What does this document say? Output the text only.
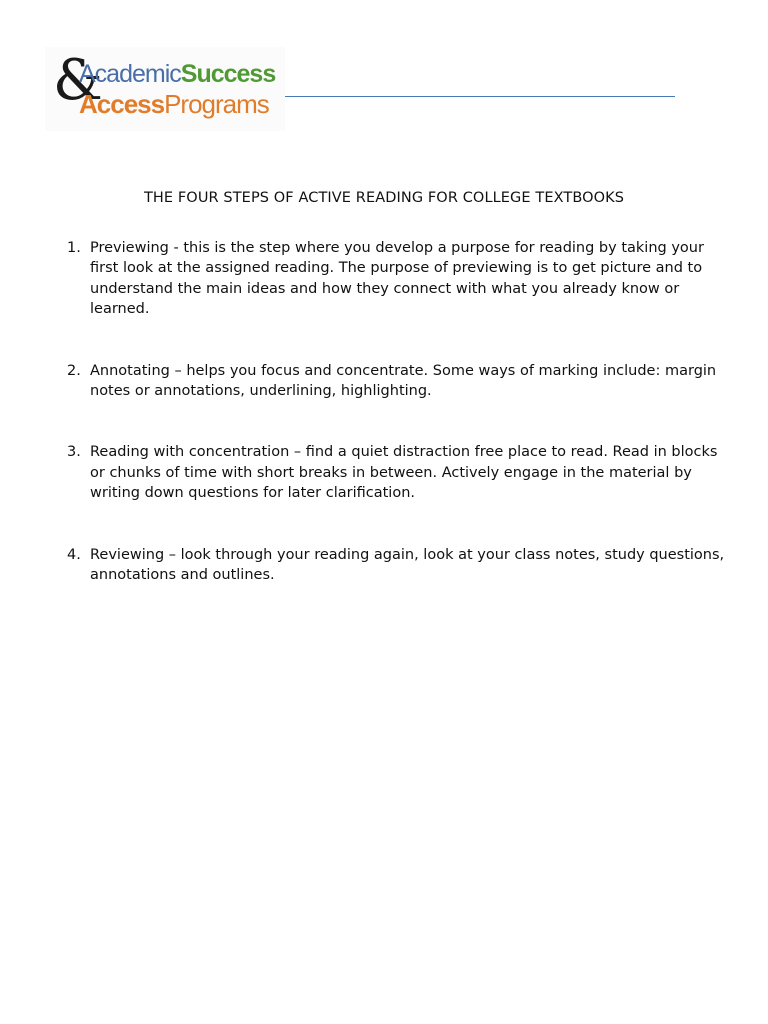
&
AcademicSuccess
AccessPrograms
THE FOUR STEPS OF ACTIVE READING FOR COLLEGE TEXTBOOKS
1. Previewing - this is the step where you develop a purpose for reading by taking your first look at the assigned reading. The purpose of previewing is to get picture and to understand the main ideas and how they connect with what you already know or learned.
2. Annotating – helps you focus and concentrate. Some ways of marking include: margin notes or annotations, underlining, highlighting.
3. Reading with concentration – find a quiet distraction free place to read. Read in blocks or chunks of time with short breaks in between. Actively engage in the material by writing down questions for later clarification.
4. Reviewing – look through your reading again, look at your class notes, study questions, annotations and outlines.
